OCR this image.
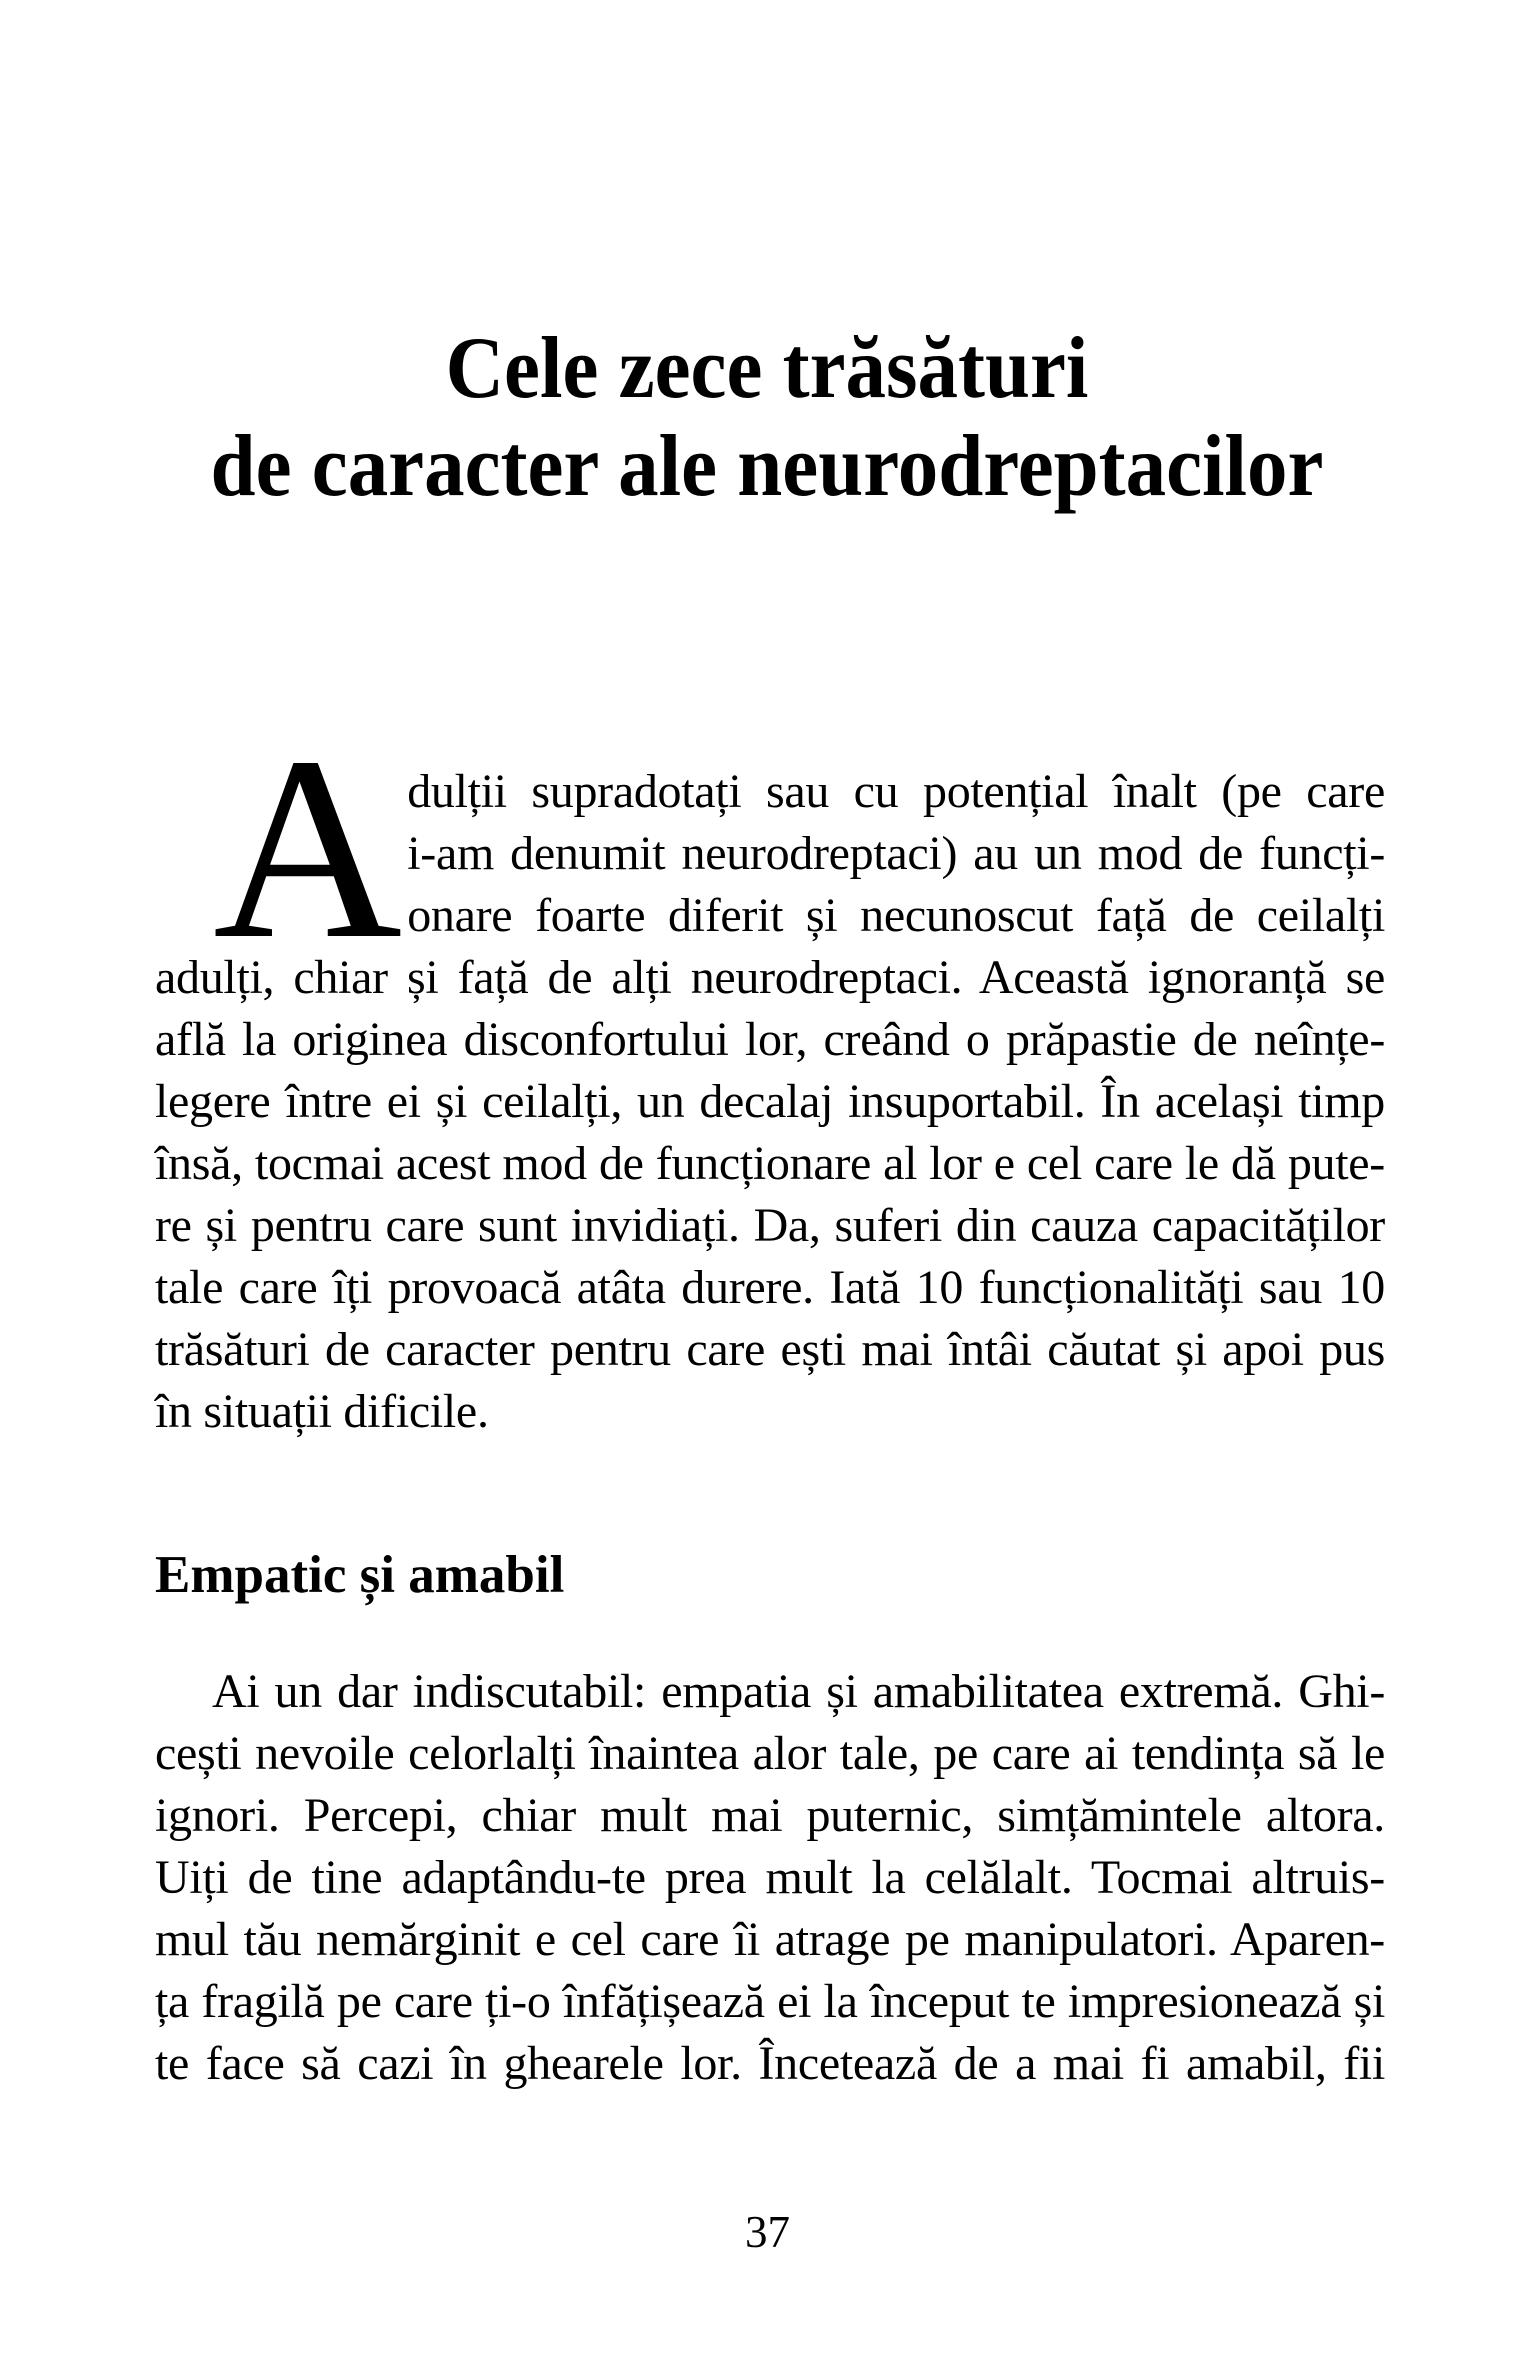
Cele zece trăsături
de caracter ale neurodreptacilor
A dulții supradotați sau cu potențial înalt (pe care
i-am denumit neurodreptaci) au un mod de funcți-
onare foarte diferit și necunoscut față de ceilalți
adulți, chiar și față de alți neurodreptaci. Această ignoranță se
află la originea disconfortului lor, creând o prăpastie de neînțe-
legere între ei și ceilalți, un decalaj insuportabil. În același timp
însă, tocmai acest mod de funcționare al lor e cel care le dă pute-
re și pentru care sunt invidiați. Da, suferi din cauza capacităților
tale care îți provoacă atâta durere. Iată 10 funcționalități sau 10
trăsături de caracter pentru care ești mai întâi căutat și apoi pus
în situații dificile.
Empatic și amabil
Ai un dar indiscutabil: empatia și amabilitatea extremă. Ghi-
cești nevoile celorlalți înaintea alor tale, pe care ai tendința să le
ignori. Percepi, chiar mult mai puternic, simțămintele altora.
Uiți de tine adaptându-te prea mult la celălalt. Tocmai altruis-
mul tău nemărginit e cel care îi atrage pe manipulatori. Aparen-
ța fragilă pe care ți-o înfățișează ei la început te impresionează și
te face să cazi în ghearele lor. Încetează de a mai fi amabil, fii
37
